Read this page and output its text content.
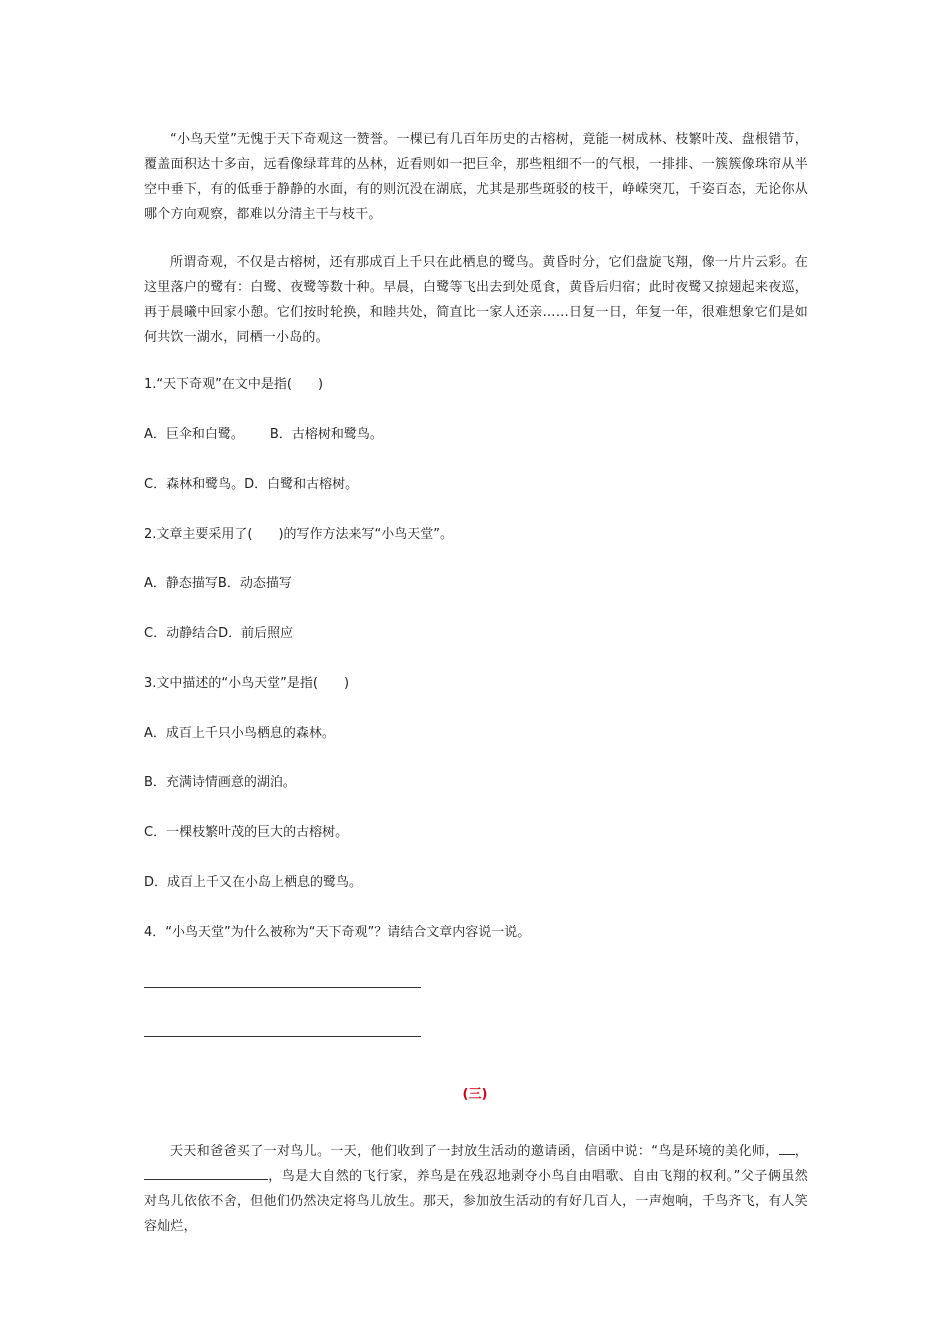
“小鸟天堂”无愧于天下奇观这一赞誉。一棵已有几百年历史的古榕树，竟能一树成林、枝繁叶茂、盘根错节，覆盖面积达十多亩，远看像绿茸茸的丛林，近看则如一把巨伞，那些粗细不一的气根，一排排、一簇簇像珠帘从半空中垂下，有的低垂于静静的水面，有的则沉没在湖底，尤其是那些斑驳的枝干，峥嵘突兀，千姿百态，无论你从哪个方向观察，都难以分清主干与枝干。

所谓奇观，不仅是古榕树，还有那成百上千只在此栖息的鹭鸟。黄昏时分，它们盘旋飞翔，像一片片云彩。在这里落户的鹭有：白鹭、夜鹭等数十种。早晨，白鹭等飞出去到处觅食，黄昏后归宿；此时夜鹭又掠翅起来夜巡，再于晨曦中回家小憩。它们按时轮换，和睦共处，简直比一家人还亲……日复一日，年复一年，很难想象它们是如何共饮一湖水，同栖一小岛的。

1.“天下奇观”在文中是指(　　)

A．巨伞和白鹭。 B．古榕树和鹭鸟。

C．森林和鹭鸟。D．白鹭和古榕树。

2.文章主要采用了(　　)的写作方法来写“小鸟天堂”。

A．静态描写B．动态描写

C．动静结合D．前后照应

3.文中描述的“小鸟天堂”是指(　　)

A．成百上千只小鸟栖息的森林。

B．充满诗情画意的湖泊。

C．一棵枝繁叶茂的巨大的古榕树。

D．成百上千又在小岛上栖息的鹭鸟。

4．“小鸟天堂”为什么被称为“天下奇观”？请结合文章内容说一说。

(三)

天天和爸爸买了一对鸟儿。一天，他们收到了一封放生活动的邀请函，信函中说：“鸟是环境的美化师， ，，鸟是大自然的飞行家，养鸟是在残忍地剥夺小鸟自由唱歌、自由飞翔的权利。”父子俩虽然对鸟儿依依不舍，但他们仍然决定将鸟儿放生。那天，参加放生活动的有好几百人，一声炮响，千鸟齐飞，有人笑容灿烂，
